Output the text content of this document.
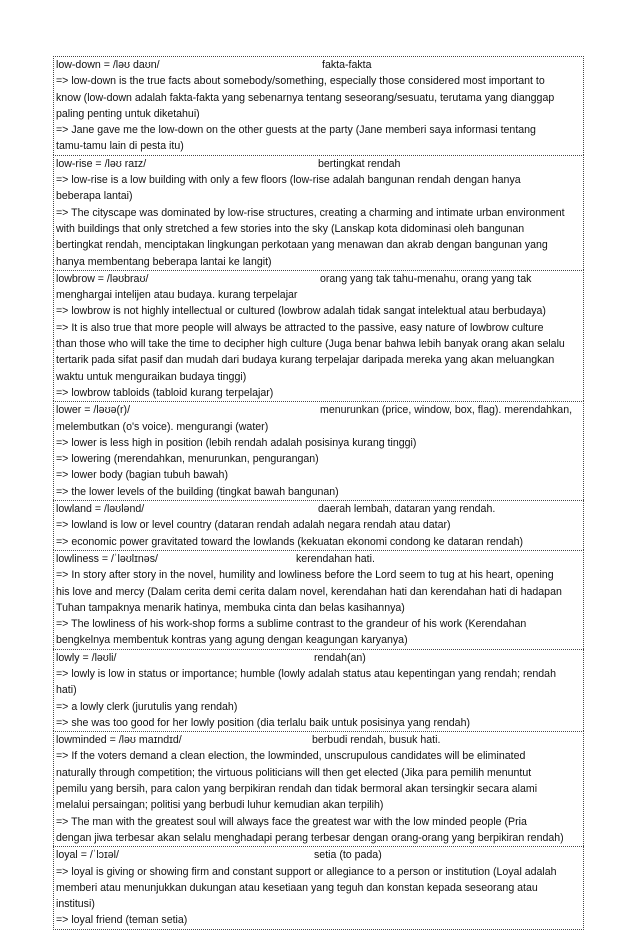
low-down = /ləʊ daʊn/	fakta-fakta
=> low-down is the true facts about somebody/something, especially those considered most important to
know (low-down adalah fakta-fakta yang sebenarnya tentang seseorang/sesuatu, terutama yang dianggap
paling penting untuk diketahui)
=> Jane gave me the low-down on the other guests at the party (Jane memberi saya informasi tentang
tamu-tamu lain di pesta itu)
low-rise = /ləʊ raɪz/	bertingkat rendah
=> low-rise is a low building with only a few floors (low-rise adalah bangunan rendah dengan hanya
beberapa lantai)
=> The cityscape was dominated by low-rise structures, creating a charming and intimate urban environment
with buildings that only stretched a few stories into the sky (Lanskap kota didominasi oleh bangunan
bertingkat rendah, menciptakan lingkungan perkotaan yang menawan dan akrab dengan bangunan yang
hanya membentang beberapa lantai ke langit)
lowbrow = /ləʊbraʊ/	orang yang tak tahu-menahu, orang yang tak
menghargai intelijen atau budaya. kurang terpelajar
=> lowbrow is not highly intellectual or cultured (lowbrow adalah tidak sangat intelektual atau berbudaya)
=> It is also true that more people will always be attracted to the passive, easy nature of lowbrow culture
than those who will take the time to decipher high culture (Juga benar bahwa lebih banyak orang akan selalu
tertarik pada sifat pasif dan mudah dari budaya kurang terpelajar daripada mereka yang akan meluangkan
waktu untuk menguraikan budaya tinggi)
=> lowbrow tabloids (tabloid kurang terpelajar)
lower = /ləʊə(r)/	menurunkan (price, window, box, flag). merendahkan,
melembutkan (o's voice). mengurangi (water)
=> lower is less high in position (lebih rendah adalah posisinya kurang tinggi)
=> lowering (merendahkan, menurunkan, pengurangan)
=> lower body (bagian tubuh bawah)
=> the lower levels of the building (tingkat bawah bangunan)
lowland = /ləʊlənd/	daerah lembah, dataran yang rendah.
=> lowland is low or level country (dataran rendah adalah negara rendah atau datar)
=> economic power gravitated toward the lowlands (kekuatan ekonomi condong ke dataran rendah)
lowliness = /ˈləʊlɪnəs/	kerendahan hati.
=> In story after story in the novel, humility and lowliness before the Lord seem to tug at his heart, opening
his love and mercy (Dalam cerita demi cerita dalam novel, kerendahan hati dan kerendahan hati di hadapan
Tuhan tampaknya menarik hatinya, membuka cinta dan belas kasihannya)
=> The lowliness of his work-shop forms a sublime contrast to the grandeur of his work (Kerendahan
bengkelnya membentuk kontras yang agung dengan keagungan karyanya)
lowly = /ləʊli/	rendah(an)
=> lowly is low in status or importance; humble (lowly adalah status atau kepentingan yang rendah; rendah
hati)
=> a lowly clerk (jurutulis yang rendah)
=> she was too good for her lowly position (dia terlalu baik untuk posisinya yang rendah)
lowminded = /ləʊ maɪndɪd/	berbudi rendah, busuk hati.
=> If the voters demand a clean election, the lowminded, unscrupulous candidates will be eliminated
naturally through competition; the virtuous politicians will then get elected (Jika para pemilih menuntut
pemilu yang bersih, para calon yang berpikiran rendah dan tidak bermoral akan tersingkir secara alami
melalui persaingan; politisi yang berbudi luhur kemudian akan terpilih)
=> The man with the greatest soul will always face the greatest war with the low minded people (Pria
dengan jiwa terbesar akan selalu menghadapi perang terbesar dengan orang-orang yang berpikiran rendah)
loyal = /ˈlɔɪəl/	setia (to pada)
=> loyal is giving or showing firm and constant support or allegiance to a person or institution (Loyal adalah
memberi atau menunjukkan dukungan atau kesetiaan yang teguh dan konstan kepada seseorang atau
institusi)
=> loyal friend (teman setia)
